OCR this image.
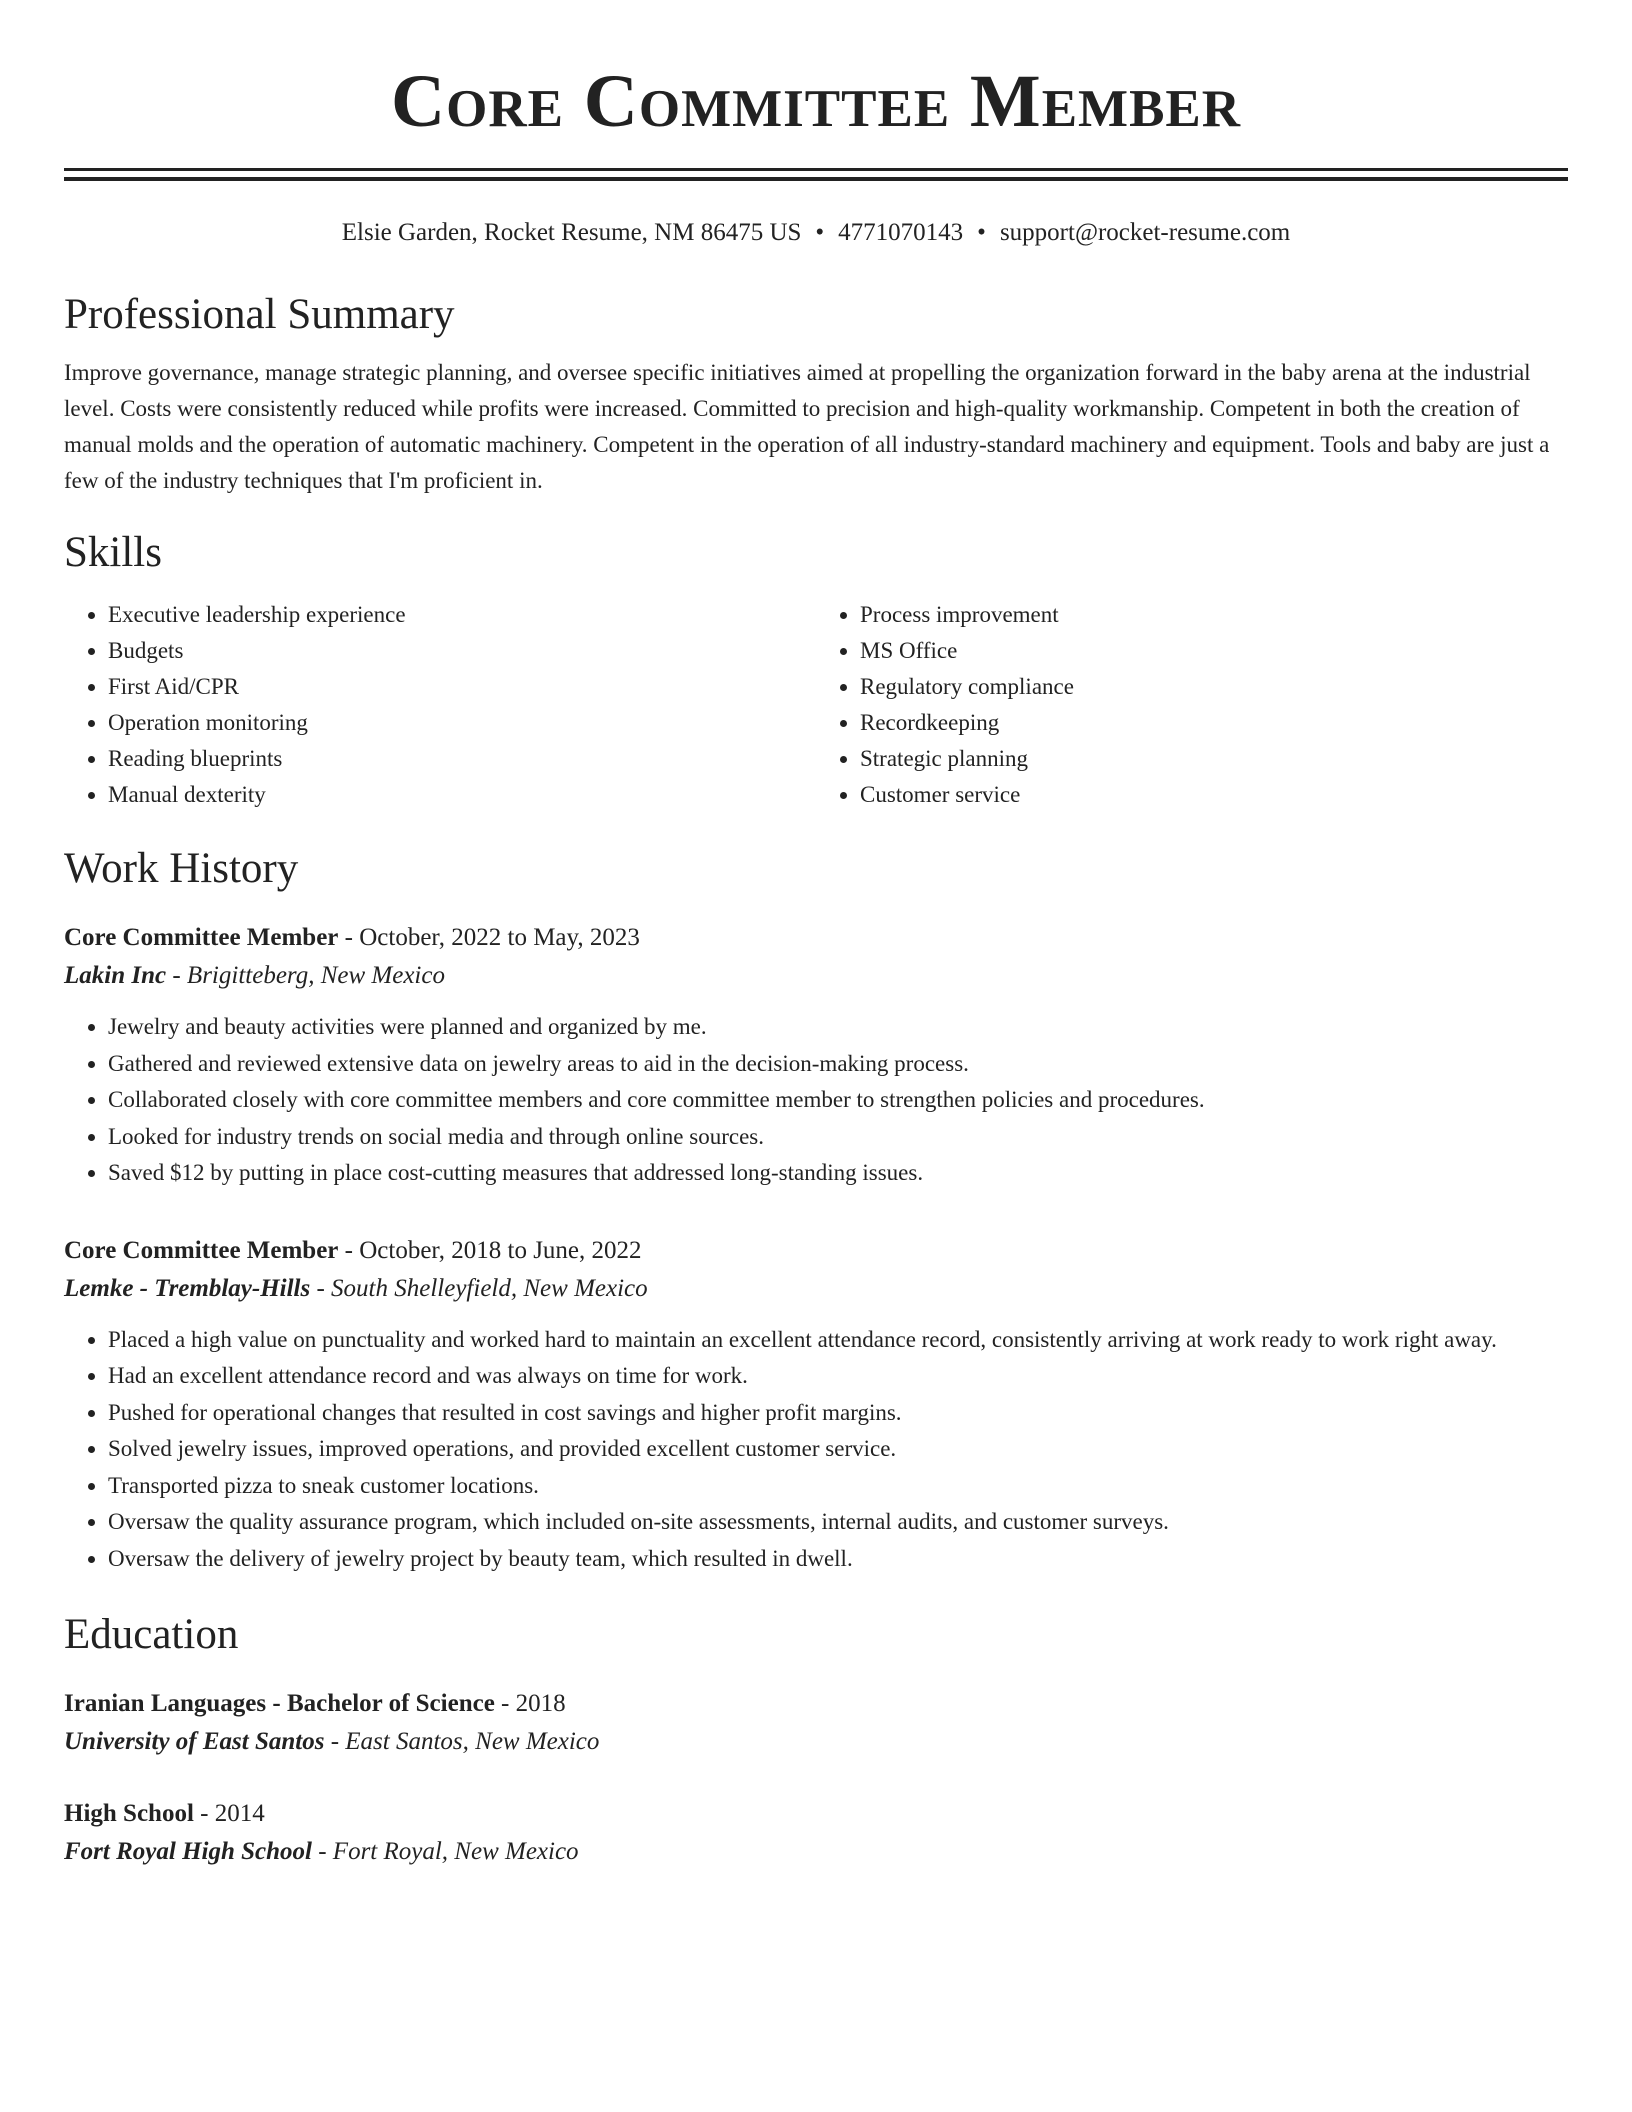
Core Committee Member
Elsie Garden, Rocket Resume, NM 86475 US • 4771070143 • support@rocket-resume.com
Professional Summary
Improve governance, manage strategic planning, and oversee specific initiatives aimed at propelling the organization forward in the baby arena at the industrial level. Costs were consistently reduced while profits were increased. Committed to precision and high-quality workmanship. Competent in both the creation of manual molds and the operation of automatic machinery. Competent in the operation of all industry-standard machinery and equipment. Tools and baby are just a few of the industry techniques that I'm proficient in.
Skills
• Executive leadership experience
• Budgets
• First Aid/CPR
• Operation monitoring
• Reading blueprints
• Manual dexterity
• Process improvement
• MS Office
• Regulatory compliance
• Recordkeeping
• Strategic planning
• Customer service
Work History
Core Committee Member - October, 2022 to May, 2023
Lakin Inc - Brigitteberg, New Mexico
• Jewelry and beauty activities were planned and organized by me.
• Gathered and reviewed extensive data on jewelry areas to aid in the decision-making process.
• Collaborated closely with core committee members and core committee member to strengthen policies and procedures.
• Looked for industry trends on social media and through online sources.
• Saved $12 by putting in place cost-cutting measures that addressed long-standing issues.
Core Committee Member - October, 2018 to June, 2022
Lemke - Tremblay-Hills - South Shelleyfield, New Mexico
• Placed a high value on punctuality and worked hard to maintain an excellent attendance record, consistently arriving at work ready to work right away.
• Had an excellent attendance record and was always on time for work.
• Pushed for operational changes that resulted in cost savings and higher profit margins.
• Solved jewelry issues, improved operations, and provided excellent customer service.
• Transported pizza to sneak customer locations.
• Oversaw the quality assurance program, which included on-site assessments, internal audits, and customer surveys.
• Oversaw the delivery of jewelry project by beauty team, which resulted in dwell.
Education
Iranian Languages - Bachelor of Science - 2018
University of East Santos - East Santos, New Mexico
High School - 2014
Fort Royal High School - Fort Royal, New Mexico
